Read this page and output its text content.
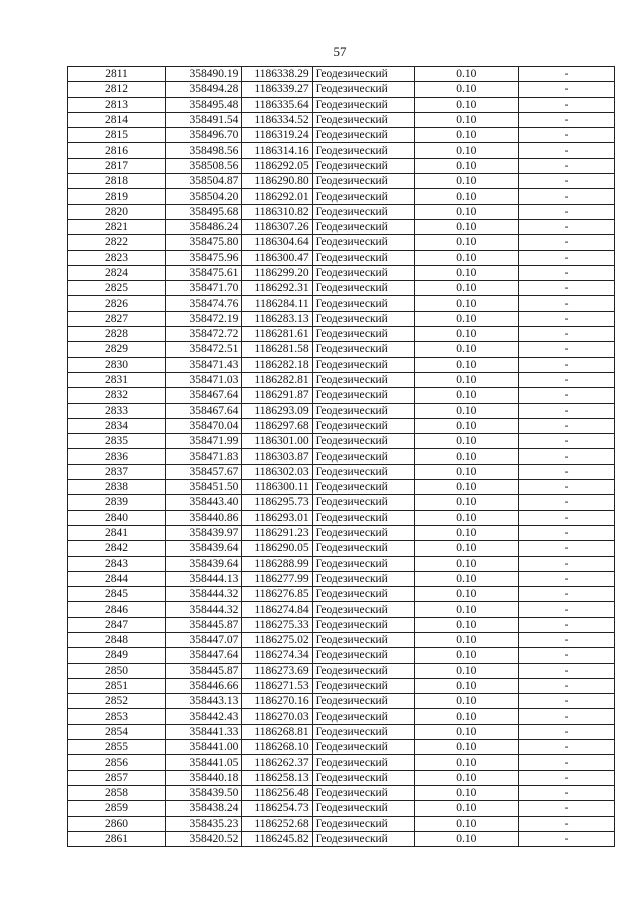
57
2811	358490.19	1186338.29	Геодезический	0.10	-
2812	358494.28	1186339.27	Геодезический	0.10	-
2813	358495.48	1186335.64	Геодезический	0.10	-
2814	358491.54	1186334.52	Геодезический	0.10	-
2815	358496.70	1186319.24	Геодезический	0.10	-
2816	358498.56	1186314.16	Геодезический	0.10	-
2817	358508.56	1186292.05	Геодезический	0.10	-
2818	358504.87	1186290.80	Геодезический	0.10	-
2819	358504.20	1186292.01	Геодезический	0.10	-
2820	358495.68	1186310.82	Геодезический	0.10	-
2821	358486.24	1186307.26	Геодезический	0.10	-
2822	358475.80	1186304.64	Геодезический	0.10	-
2823	358475.96	1186300.47	Геодезический	0.10	-
2824	358475.61	1186299.20	Геодезический	0.10	-
2825	358471.70	1186292.31	Геодезический	0.10	-
2826	358474.76	1186284.11	Геодезический	0.10	-
2827	358472.19	1186283.13	Геодезический	0.10	-
2828	358472.72	1186281.61	Геодезический	0.10	-
2829	358472.51	1186281.58	Геодезический	0.10	-
2830	358471.43	1186282.18	Геодезический	0.10	-
2831	358471.03	1186282.81	Геодезический	0.10	-
2832	358467.64	1186291.87	Геодезический	0.10	-
2833	358467.64	1186293.09	Геодезический	0.10	-
2834	358470.04	1186297.68	Геодезический	0.10	-
2835	358471.99	1186301.00	Геодезический	0.10	-
2836	358471.83	1186303.87	Геодезический	0.10	-
2837	358457.67	1186302.03	Геодезический	0.10	-
2838	358451.50	1186300.11	Геодезический	0.10	-
2839	358443.40	1186295.73	Геодезический	0.10	-
2840	358440.86	1186293.01	Геодезический	0.10	-
2841	358439.97	1186291.23	Геодезический	0.10	-
2842	358439.64	1186290.05	Геодезический	0.10	-
2843	358439.64	1186288.99	Геодезический	0.10	-
2844	358444.13	1186277.99	Геодезический	0.10	-
2845	358444.32	1186276.85	Геодезический	0.10	-
2846	358444.32	1186274.84	Геодезический	0.10	-
2847	358445.87	1186275.33	Геодезический	0.10	-
2848	358447.07	1186275.02	Геодезический	0.10	-
2849	358447.64	1186274.34	Геодезический	0.10	-
2850	358445.87	1186273.69	Геодезический	0.10	-
2851	358446.66	1186271.53	Геодезический	0.10	-
2852	358443.13	1186270.16	Геодезический	0.10	-
2853	358442.43	1186270.03	Геодезический	0.10	-
2854	358441.33	1186268.81	Геодезический	0.10	-
2855	358441.00	1186268.10	Геодезический	0.10	-
2856	358441.05	1186262.37	Геодезический	0.10	-
2857	358440.18	1186258.13	Геодезический	0.10	-
2858	358439.50	1186256.48	Геодезический	0.10	-
2859	358438.24	1186254.73	Геодезический	0.10	-
2860	358435.23	1186252.68	Геодезический	0.10	-
2861	358420.52	1186245.82	Геодезический	0.10	-
